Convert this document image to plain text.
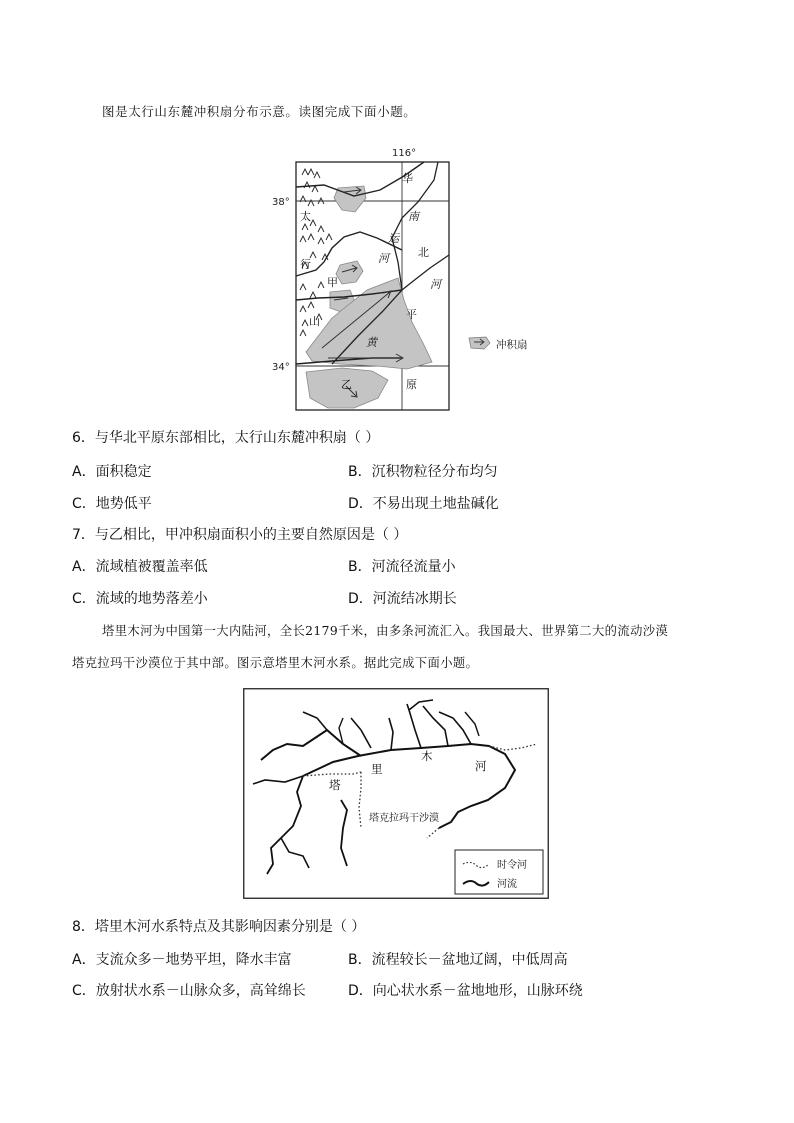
图是太行山东麓冲积扇分布示意。读图完成下面小题。
116°
38°
34°
太
行
山
华
北
平
原
南
运
河
河
黄
甲
乙
冲积扇
6．与华北平原东部相比，太行山东麓冲积扇（ ）
A．面积稳定	B．沉积物粒径分布均匀
C．地势低平	D．不易出现土地盐碱化
7．与乙相比，甲冲积扇面积小的主要自然原因是（ ）
A．流域植被覆盖率低	B．河流径流量小
C．流域的地势落差小	D．河流结冰期长
塔里木河为中国第一大内陆河，全长2179千米，由多条河流汇入。我国最大、世界第二大的流动沙漠
塔克拉玛干沙漠位于其中部。图示意塔里木河水系。据此完成下面小题。
塔
里
木
河
塔克拉玛干沙漠
时令河
河流
8．塔里木河水系特点及其影响因素分别是（ ）
A．支流众多－地势平坦，降水丰富	B．流程较长－盆地辽阔，中低周高
C．放射状水系－山脉众多，高耸绵长	D．向心状水系－盆地地形，山脉环绕
